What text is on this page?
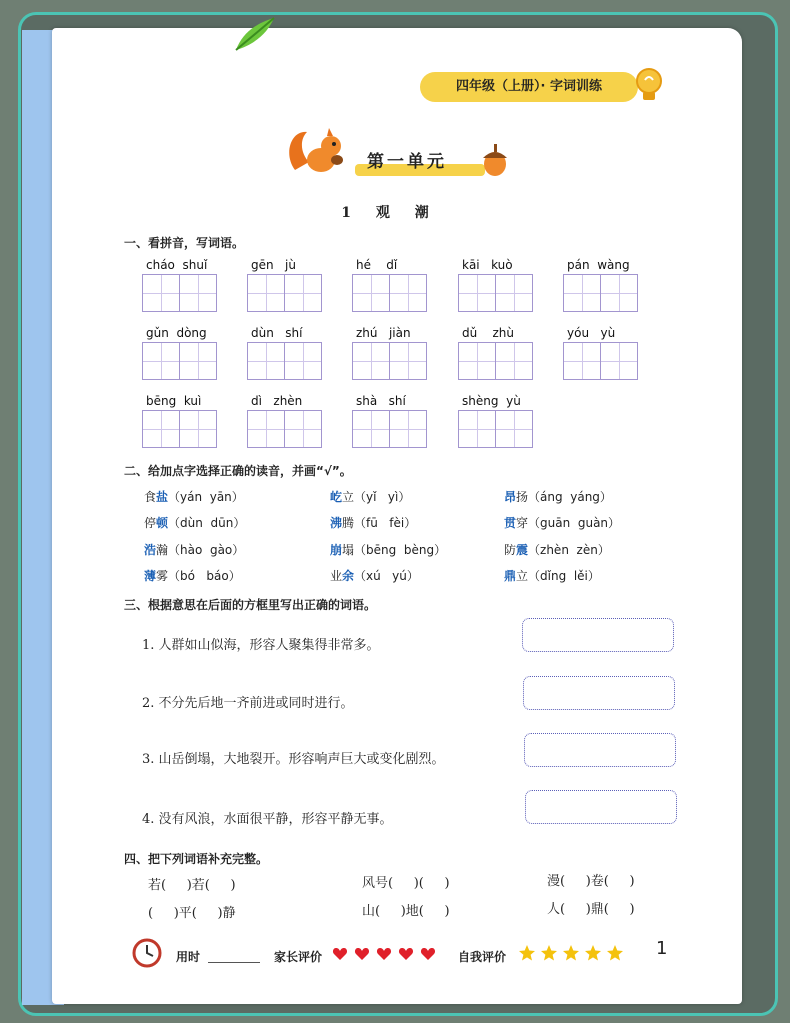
四年级（上册）· 字词训练
第一单元
1 观 潮
一、看拼音，写词语。
cháo  shuǐ	gēn   jù	hé    dǐ	kāi   kuò	pán  wàng
gǔn  dòng	dùn   shí	zhú   jiàn	dǔ    zhù	yóu   yù
bēng  kuì	dì   zhèn	shà   shí	shèng  yù
二、给加点字选择正确的读音，并画“√”。
食盐（yán  yān）	屹立（yǐ   yì）	昂扬（áng  yáng）
停顿（dùn  dūn）	沸腾（fū   fèi）	贯穿（guān  guàn）
浩瀚（hào  gào）	崩塌（bēng  bèng）	防震（zhèn  zèn）
薄雾（bó   báo）	业余（xú   yú）	鼎立（dǐng  lěi）
三、根据意思在后面的方框里写出正确的词语。
1. 人群如山似海，形容人聚集得非常多。
2. 不分先后地一齐前进或同时进行。
3. 山岳倒塌，大地裂开。形容响声巨大或变化剧烈。
4. 没有风浪，水面很平静，形容平静无事。
四、把下列词语补充完整。
若(     )若(     )	风号(     )(     )	漫(     )卷(     )
(     )平(     )静	山(     )地(     )	人(     )鼎(     )
用时	家长评价	自我评价	1
